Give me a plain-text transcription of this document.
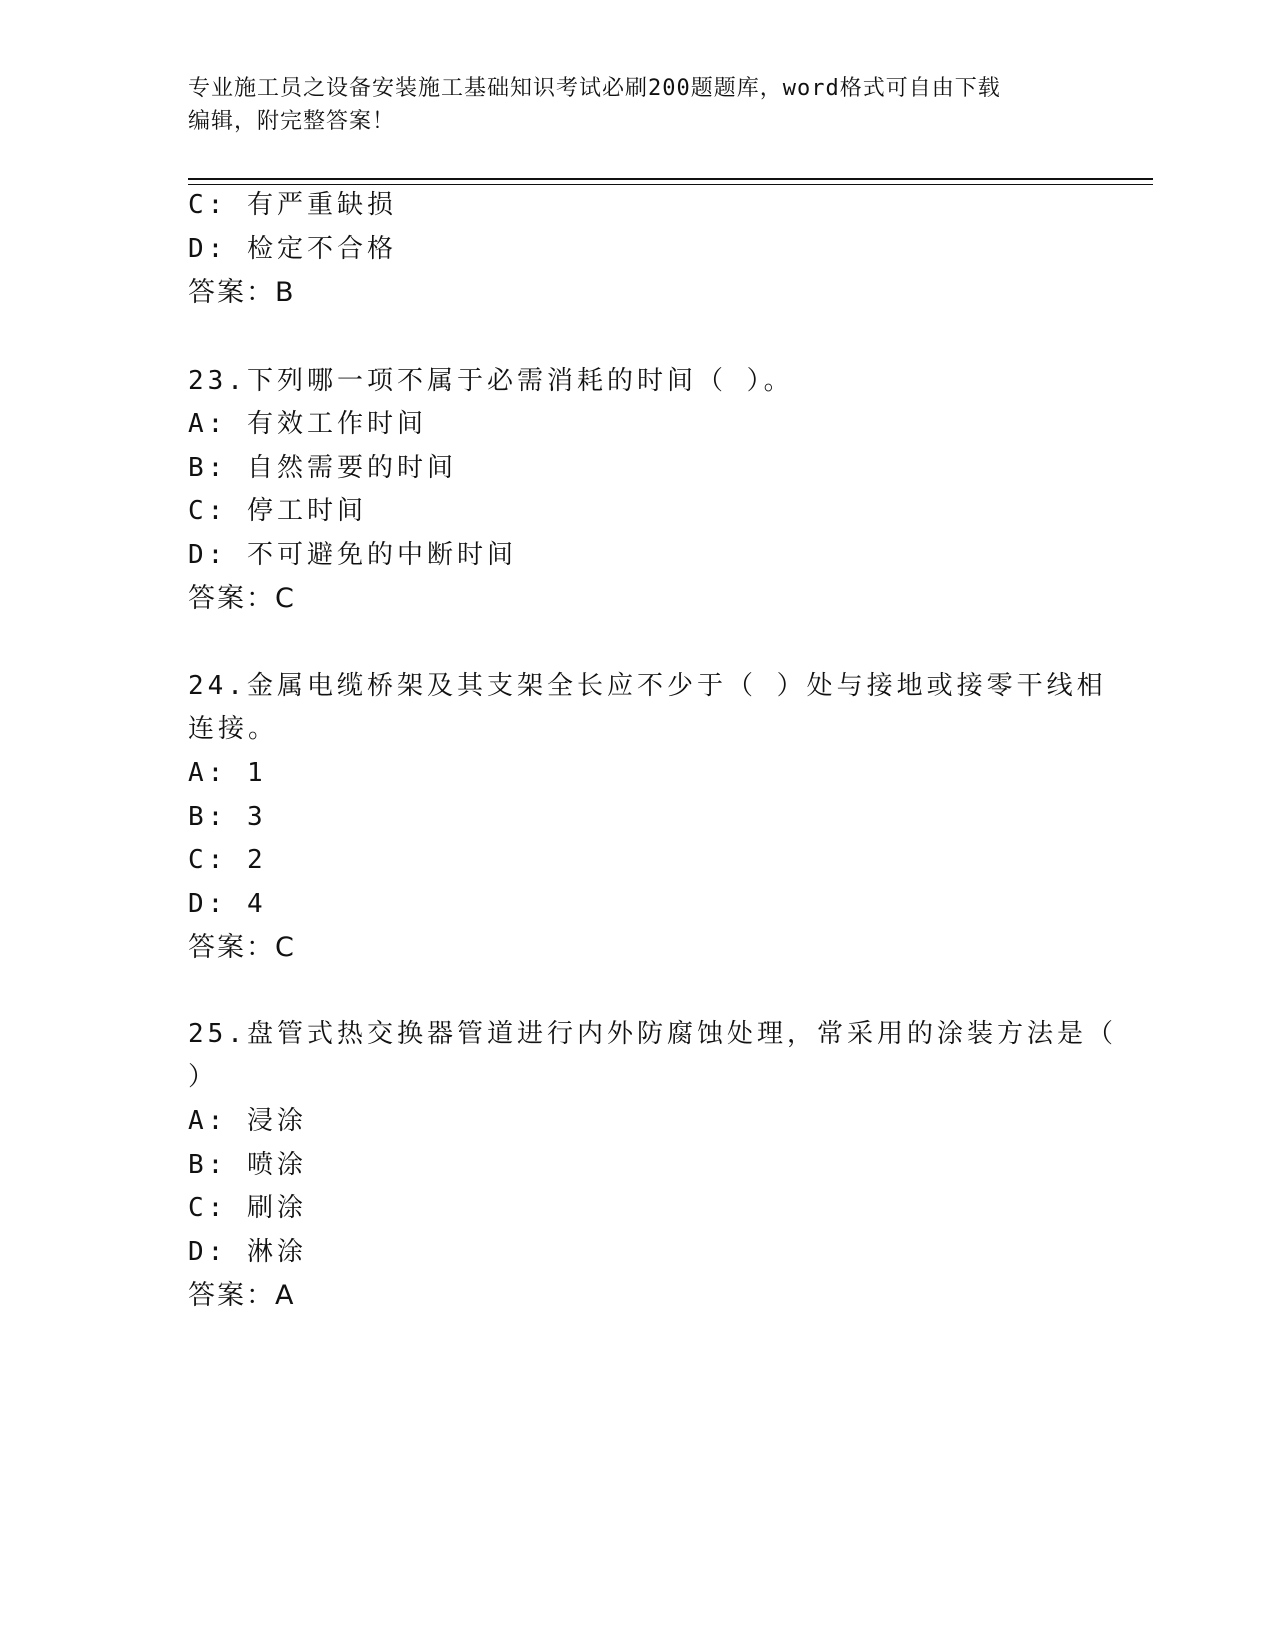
专业施工员之设备安装施工基础知识考试必刷200题题库，word格式可自由下载
编辑，附完整答案！
C: 有严重缺损
D: 检定不合格
答案：B
23.下列哪一项不属于必需消耗的时间（ ）。
A: 有效工作时间
B: 自然需要的时间
C: 停工时间
D: 不可避免的中断时间
答案：C
24.金属电缆桥架及其支架全长应不少于（ ）处与接地或接零干线相
连接。
A: 1
B: 3
C: 2
D: 4
答案：C
25.盘管式热交换器管道进行内外防腐蚀处理，常采用的涂装方法是（
）
A: 浸涂
B: 喷涂
C: 刷涂
D: 淋涂
答案：A
